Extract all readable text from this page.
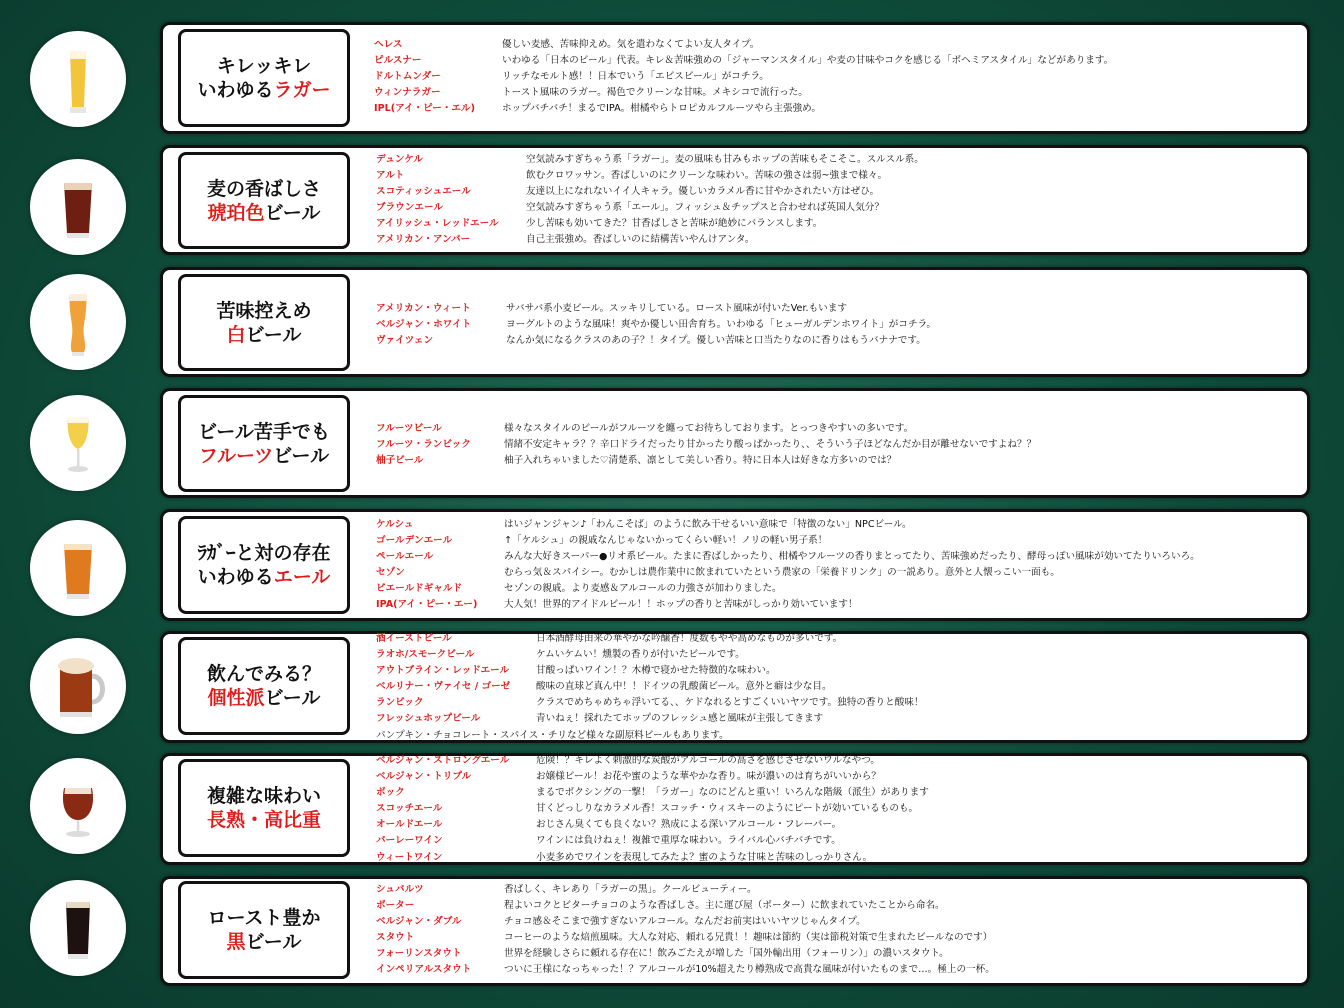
キレッキレ
いわゆるラガー
ヘレス	優しい麦感、苦味抑えめ。気を遣わなくてよい友人タイプ。
ピルスナー	いわゆる「日本のビール」代表。キレ＆苦味強めの「ジャーマンスタイル」や麦の甘味やコクを感じる「ボヘミアスタイル」などがあります。
ドルトムンダー	リッチなモルト感！！日本でいう「エビスビール」がコチラ。
ウィンナラガー	トースト風味のラガー。褐色でクリーンな甘味。メキシコで流行った。
IPL(アイ・ピー・エル)	ホップバチバチ！まるでIPA。柑橘やらトロピカルフルーツやら主張強め。
麦の香ばしさ
琥珀色ビール
デュンケル	空気読みすぎちゃう系「ラガー」。麦の風味も甘みもホップの苦味もそこそこ。スルスル系。
アルト	飲むクロワッサン。香ばしいのにクリーンな味わい。苦味の強さは弱~強まで様々。
スコティッシュエール	友達以上になれないイイ人キャラ。優しいカラメル香に甘やかされたい方はぜひ。
ブラウンエール	空気読みすぎちゃう系「エール」。フィッシュ＆チップスと合わせれば英国人気分？
アイリッシュ・レッドエール	少し苦味も効いてきた？甘香ばしさと苦味が絶妙にバランスします。
アメリカン・アンバー	自己主張強め。香ばしいのに結構苦いやんけアンタ。
苦味控えめ
白ビール
アメリカン・ウィート	サバサバ系小麦ビール。スッキリしている。ロースト風味が付いたVer.もいます
ベルジャン・ホワイト	ヨーグルトのような風味！爽やか優しい田舎育ち。いわゆる「ヒューガルデンホワイト」がコチラ。
ヴァイツェン	なんか気になるクラスのあの子？！タイプ。優しい苦味と口当たりなのに香りはもうバナナです。
ビール苦手でも
フルーツビール
フルーツビール	様々なスタイルのビールがフルーツを纏ってお待ちしております。とっつきやすいの多いです。
フルーツ・ランビック	情緒不安定キャラ？？辛口ドライだったり甘かったり酸っぱかったり、、そういう子ほどなんだか目が離せないですよね？？
柚子ビール	柚子入れちゃいました♡清楚系、凛として美しい香り。特に日本人は好きな方多いのでは？
ﾗｶﾞｰと対の存在
いわゆるエール
ケルシュ	はいジャンジャン♪「わんこそば」のように飲み干せるいい意味で「特徴のない」NPCビール。
ゴールデンエール	↑「ケルシュ」の親戚なんじゃないかってくらい軽い！ノリの軽い男子系！
ペールエール	みんな大好きスーパー●リオ系ビール。たまに香ばしかったり、柑橘やフルーツの香りまとってたり、苦味強めだったり、酵母っぽい風味が効いてたりいろいろ。
セゾン	むらっ気＆スパイシー。むかしは農作業中に飲まれていたという農家の「栄養ドリンク」の一説あり。意外と人懐っこい一面も。
ビエールドギャルド	セゾンの親戚。より麦感＆アルコールの力強さが加わりました。
IPA(アイ・ピー・エー)	大人気！世界的アイドルビール！！ホップの香りと苦味がしっかり効いています！
飲んでみる？
個性派ビール
酒イーストビール	日本酒酵母由来の華やかな吟醸香！度数もやや高めなものが多いです。
ラオホ/スモークビール	ケムいケムい！燻製の香りが付いたビールです。
アウトブライン・レッドエール	甘酸っぱいワイン！？木樽で寝かせた特徴的な味わい。
ベルリナー・ヴァイセ / ゴーゼ	酸味の直球ど真ん中！！ドイツの乳酸菌ビール。意外と癖は少な目。
ランビック	クラスでめちゃめちゃ浮いてる、、ケドなれるとすごくいいヤツです。独特の香りと酸味！
フレッシュホップビール	青いねぇ！採れたてホップのフレッシュ感と風味が主張してきます
パンプキン・チョコレート・スパイス・チリなど様々な副原料ビールもあります。
複雑な味わい
長熟・高比重
ベルジャン・ストロングエール	危険！？キレよく刺激的な炭酸がアルコールの高さを感じさせないワルなやつ。
ベルジャン・トリプル	お嬢様ビール！お花や蜜のような華やかな香り。味が濃いのは育ちがいいから？
ボック	まるでボクシングの一撃！「ラガー」なのにどんと重い！いろんな階級（派生）があります
スコッチエール	甘くどっしりなカラメル香！スコッチ・ウィスキーのようにピートが効いているものも。
オールドエール	おじさん臭くても良くない？熟成による深いアルコール・フレーバー。
バーレーワイン	ワインには負けねぇ！複雑で重厚な味わい。ライバル心バチバチです。
ウィートワイン	小麦多めでワインを表現してみたよ？蜜のような甘味と苦味のしっかりさん。
ロースト豊か
黒ビール
シュバルツ	香ばしく、キレあり「ラガーの黒」。クールビューティー。
ポーター	程よいコクとビターチョコのような香ばしさ。主に運び屋（ポーター）に飲まれていたことから命名。
ベルジャン・ダブル	チョコ感＆そこまで強すぎないアルコール。なんだお前実はいいヤツじゃんタイプ。
スタウト	コーヒーのような焙煎風味。大人な対応、頼れる兄貴！！趣味は節約（実は節税対策で生まれたビールなのです）
フォーリンスタウト	世界を経験しさらに頼れる存在に！飲みごたえが増した「国外輸出用（フォーリン）」の濃いスタウト。
インペリアルスタウト	ついに王様になっちゃった！？アルコールが10%超えたり樽熟成で高貴な風味が付いたものまで…。極上の一杯。
